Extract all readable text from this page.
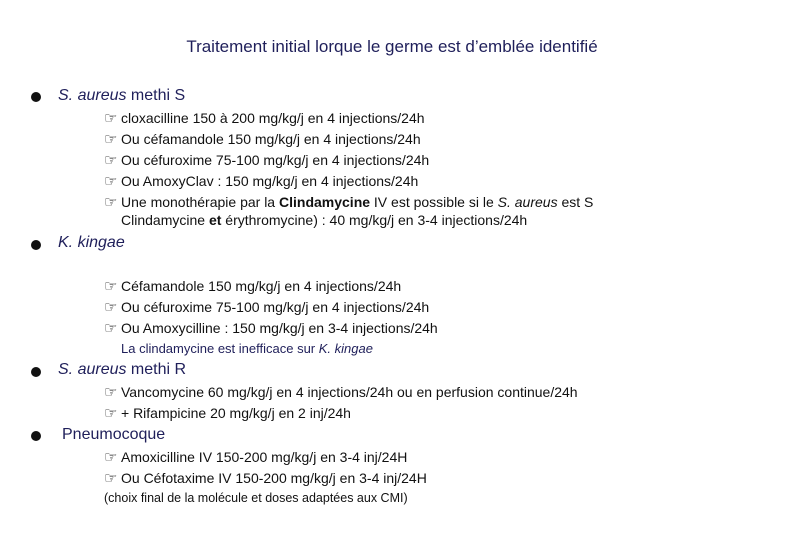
Traitement initial lorque le germe est d’emblée identifié
S. aureus methi S
☞ cloxacilline 150 à 200 mg/kg/j en 4 injections/24h
☞ Ou céfamandole 150 mg/kg/j en 4 injections/24h
☞ Ou céfuroxime 75-100 mg/kg/j en 4 injections/24h
☞ Ou AmoxyClav : 150 mg/kg/j en 4 injections/24h
☞ Une monothérapie par la Clindamycine IV est possible si le S. aureus est S
Clindamycine et érythromycine) : 40 mg/kg/j en 3-4 injections/24h
K. kingae
☞ Céfamandole 150 mg/kg/j en 4 injections/24h
☞ Ou céfuroxime 75-100 mg/kg/j en 4 injections/24h
☞ Ou Amoxycilline : 150 mg/kg/j en 3-4 injections/24h
La clindamycine est inefficace sur K. kingae
S. aureus methi R
☞ Vancomycine 60 mg/kg/j en 4 injections/24h ou en perfusion continue/24h
☞ + Rifampicine 20 mg/kg/j en 2 inj/24h
Pneumocoque
☞ Amoxicilline IV 150-200 mg/kg/j en 3-4 inj/24H
☞ Ou Céfotaxime IV 150-200 mg/kg/j en 3-4 inj/24H
(choix final de la molécule et doses adaptées aux CMI)
